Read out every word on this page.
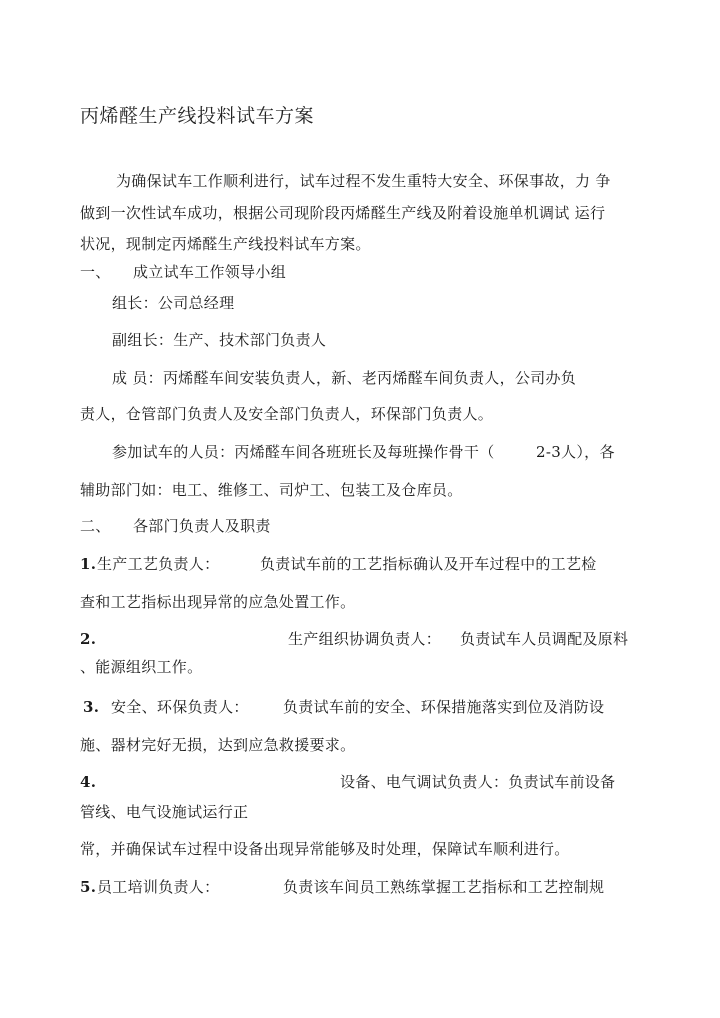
丙烯醛生产线投料试车方案
为确保试车工作顺利进行，试车过程不发生重特大安全、环保事故，力 争
做到一次性试车成功，根据公司现阶段丙烯醛生产线及附着设施单机调试 运行
状况，现制定丙烯醛生产线投料试车方案。
一、 成立试车工作领导小组
组长：公司总经理
副组长：生产、技术部门负责人
成 员：丙烯醛车间安装负责人，新、老丙烯醛车间负责人，公司办负
责人，仓管部门负责人及安全部门负责人，环保部门负责人。
参加试车的人员：丙烯醛车间各班班长及每班操作骨干（	2-3人），各
辅助部门如：电工、维修工、司炉工、包装工及仓库员。
二、 各部门负责人及职责
1. 生产工艺负责人：	负责试车前的工艺指标确认及开车过程中的工艺检
查和工艺指标出现异常的应急处置工作。
2.	生产组织协调负责人： 负责试车人员调配及原料
、能源组织工作。
3. 安全、环保负责人： 负责试车前的安全、环保措施落实到位及消防设
施、器材完好无损，达到应急救援要求。
4.	设备、电气调试负责人：负责试车前设备
管线、电气设施试运行正
常，并确保试车过程中设备出现异常能够及时处理，保障试车顺利进行。
5. 员工培训负责人：	负责该车间员工熟练掌握工艺指标和工艺控制规
